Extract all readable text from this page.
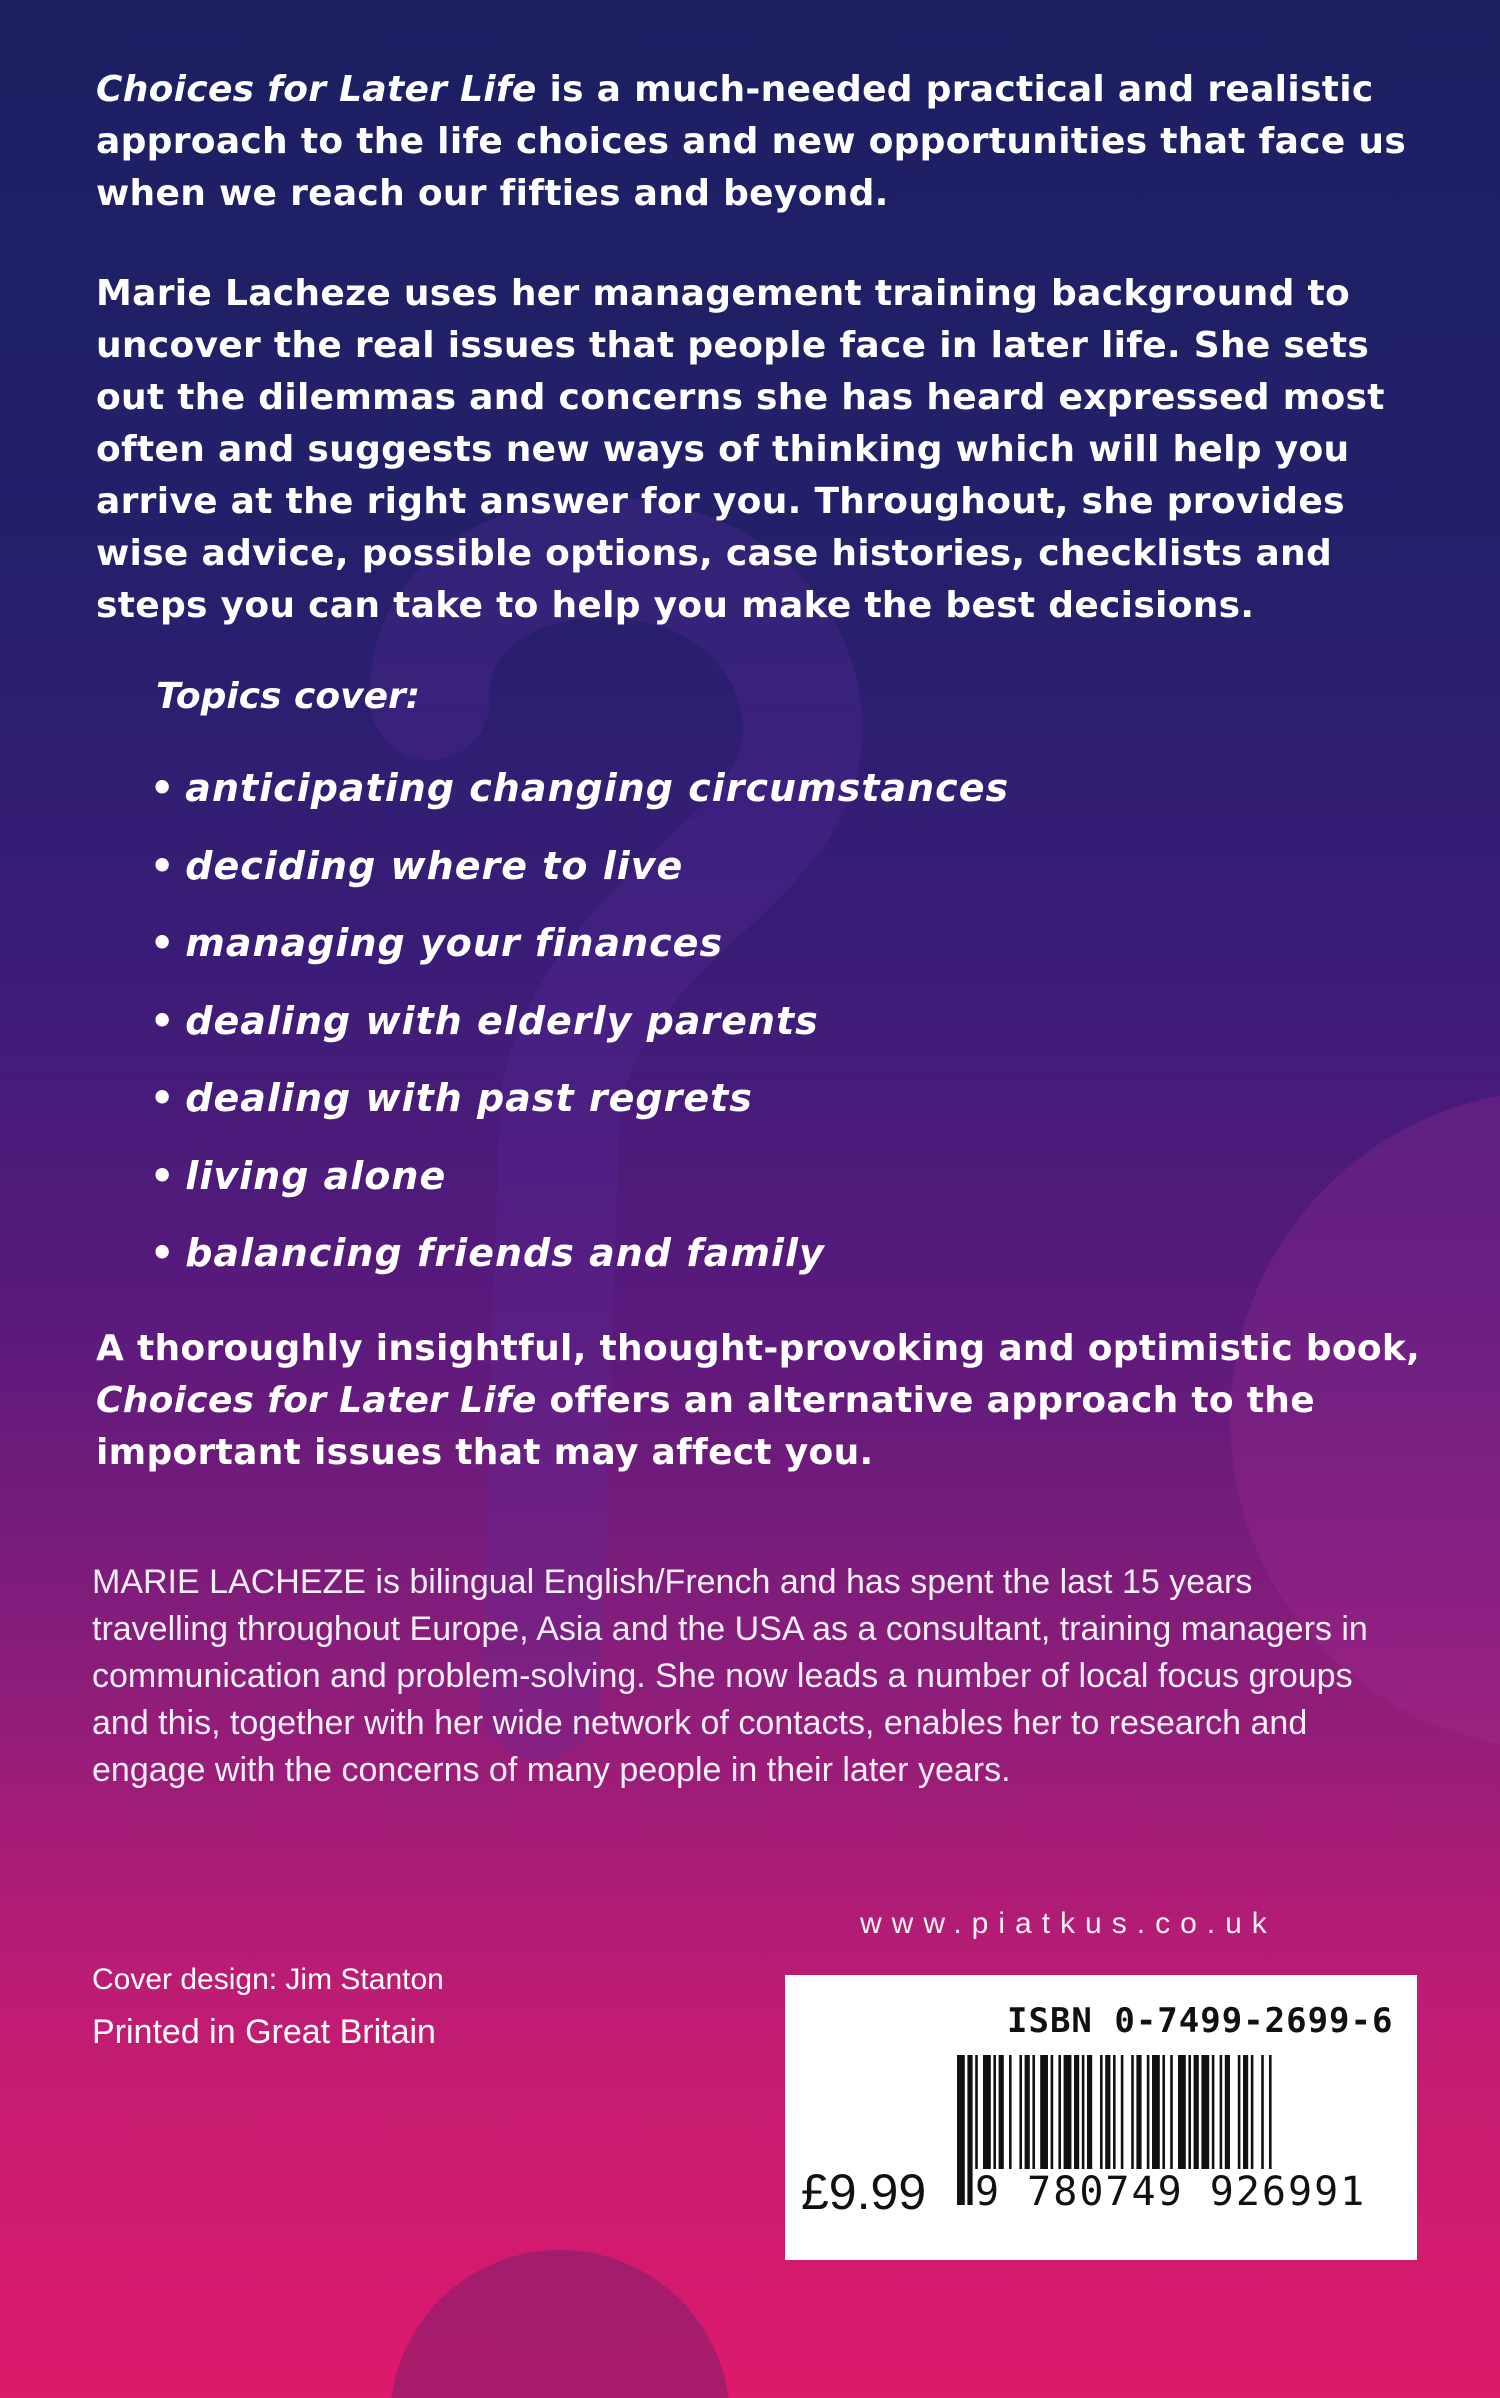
Choices for Later Life is a much-needed practical and realistic approach to the life choices and new opportunities that face us when we reach our fifties and beyond.

Marie Lacheze uses her management training background to uncover the real issues that people face in later life. She sets out the dilemmas and concerns she has heard expressed most often and suggests new ways of thinking which will help you arrive at the right answer for you. Throughout, she provides wise advice, possible options, case histories, checklists and steps you can take to help you make the best decisions.

Topics cover:

• anticipating changing circumstances
• deciding where to live
• managing your finances
• dealing with elderly parents
• dealing with past regrets
• living alone
• balancing friends and family

A thoroughly insightful, thought-provoking and optimistic book, Choices for Later Life offers an alternative approach to the important issues that may affect you.

MARIE LACHEZE is bilingual English/French and has spent the last 15 years travelling throughout Europe, Asia and the USA as a consultant, training managers in communication and problem-solving. She now leads a number of local focus groups and this, together with her wide network of contacts, enables her to research and engage with the concerns of many people in their later years.

www.piatkus.co.uk

Cover design: Jim Stanton

Printed in Great Britain	ISBN 0-7499-2699-6

£9.99 9 780749 926991
